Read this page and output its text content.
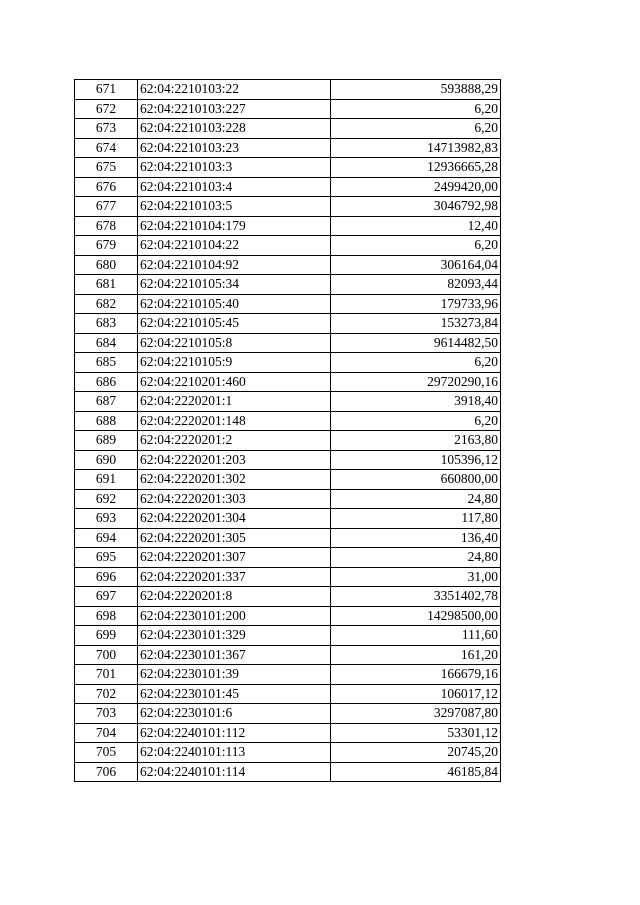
671	62:04:2210103:22	593888,29
672	62:04:2210103:227	6,20
673	62:04:2210103:228	6,20
674	62:04:2210103:23	14713982,83
675	62:04:2210103:3	12936665,28
676	62:04:2210103:4	2499420,00
677	62:04:2210103:5	3046792,98
678	62:04:2210104:179	12,40
679	62:04:2210104:22	6,20
680	62:04:2210104:92	306164,04
681	62:04:2210105:34	82093,44
682	62:04:2210105:40	179733,96
683	62:04:2210105:45	153273,84
684	62:04:2210105:8	9614482,50
685	62:04:2210105:9	6,20
686	62:04:2210201:460	29720290,16
687	62:04:2220201:1	3918,40
688	62:04:2220201:148	6,20
689	62:04:2220201:2	2163,80
690	62:04:2220201:203	105396,12
691	62:04:2220201:302	660800,00
692	62:04:2220201:303	24,80
693	62:04:2220201:304	117,80
694	62:04:2220201:305	136,40
695	62:04:2220201:307	24,80
696	62:04:2220201:337	31,00
697	62:04:2220201:8	3351402,78
698	62:04:2230101:200	14298500,00
699	62:04:2230101:329	111,60
700	62:04:2230101:367	161,20
701	62:04:2230101:39	166679,16
702	62:04:2230101:45	106017,12
703	62:04:2230101:6	3297087,80
704	62:04:2240101:112	53301,12
705	62:04:2240101:113	20745,20
706	62:04:2240101:114	46185,84
